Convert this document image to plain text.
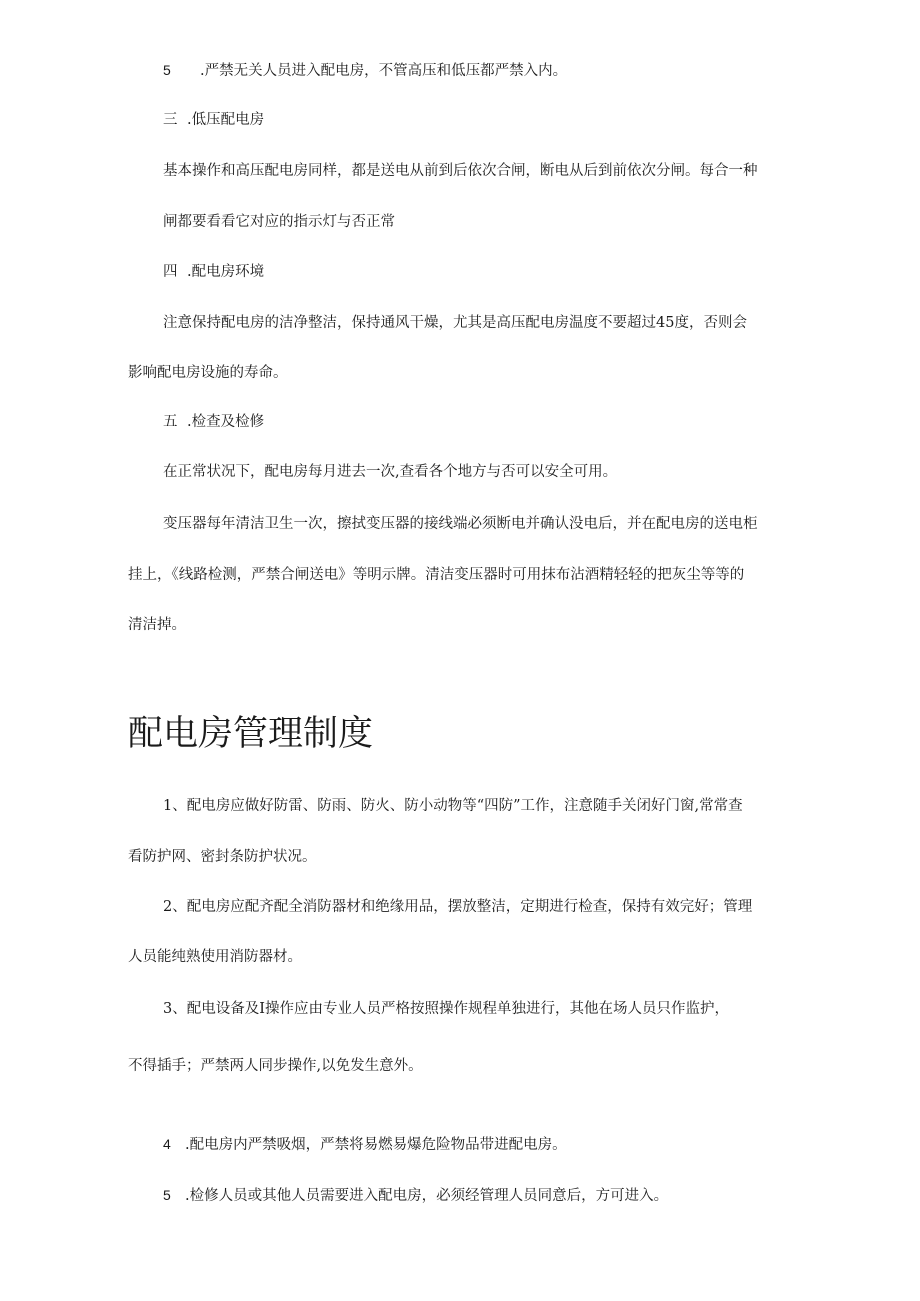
5 .严禁无关人员进入配电房，不管高压和低压都严禁入内。

三 .低压配电房

基本操作和高压配电房同样，都是送电从前到后依次合闸，断电从后到前依次分闸。每合一种

闸都要看看它对应的指示灯与否正常

四 .配电房环境

注意保持配电房的洁净整洁，保持通风干燥，尤其是高压配电房温度不要超过45度，否则会

影响配电房设施的寿命。

五 .检查及检修

在正常状况下，配电房每月进去一次,查看各个地方与否可以安全可用。

变压器每年清洁卫生一次，擦拭变压器的接线端必须断电并确认没电后，并在配电房的送电柜

挂上，《线路检测，严禁合闸送电》等明示牌。清洁变压器时可用抹布沾酒精轻轻的把灰尘等等的

清洁掉。

配电房管理制度

1、配电房应做好防雷、防雨、防火、防小动物等“四防”工作，注意随手关闭好门窗,常常查

看防护网、密封条防护状况。

2、配电房应配齐配全消防器材和绝缘用品，摆放整洁，定期进行检查，保持有效完好；管理

人员能纯熟使用消防器材。

3、配电设备及I操作应由专业人员严格按照操作规程单独进行，其他在场人员只作监护，

不得插手；严禁两人同步操作,以免发生意外。

4 .配电房内严禁吸烟，严禁将易燃易爆危险物品带进配电房。

5 .检修人员或其他人员需要进入配电房，必须经管理人员同意后，方可进入。
